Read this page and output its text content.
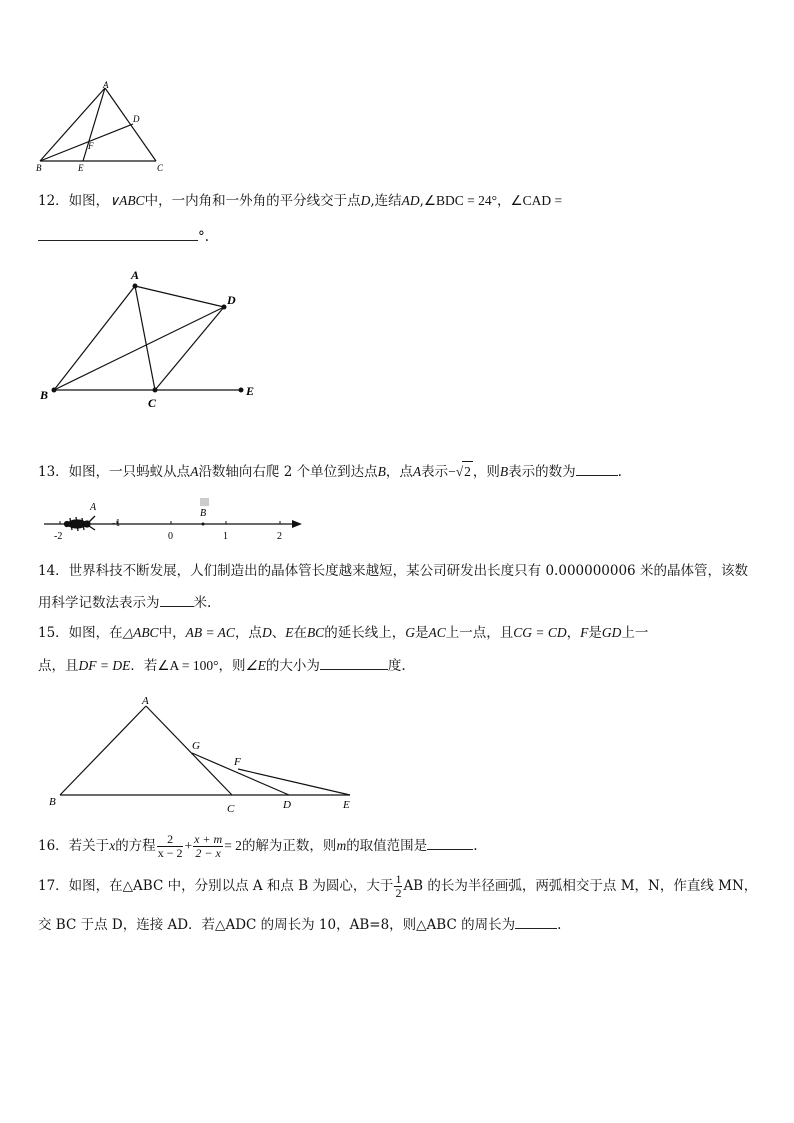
A
D
F
B	E	C
12．如图，∨ABC中，一内角和一外角的平分线交于点D,连结AD,∠BDC = 24°，∠CAD =
°.
A
D
B
C
E
13．如图，一只蚂蚁从点A沿数轴向右爬 2 个单位到达点B，点A表示−√2 ，则B表示的数为	.
A
B
-2
-1
0	1	2
14．世界科技不断发展，人们制造出的晶体管长度越来越短，某公司研发出长度只有 0.000000006 米的晶体管，该数
用科学记数法表示为	米.
15．如图，在△ABC中，AB = AC，点D、E在BC的延长线上，G是AC上一点，且CG = CD，F是GD上一
点，且DF = DE．若∠A = 100°，则∠E的大小为	度.
A
G
F
B
C	D	E
16．若关于x的方程 $\frac{2}{x - 2} + \frac{x + m}{2 - x} = 2$的解为正数，则m的取值范围是	.
17．如图，在△ABC 中，分别以点 A 和点 B 为圆心，大于 $\frac{1}{2}$ AB 的长为半径画弧，两弧相交于点 M，N，作直线 MN，
交 BC 于点 D，连接 AD．若△ADC 的周长为 10，AB=8，则△ABC 的周长为	.
